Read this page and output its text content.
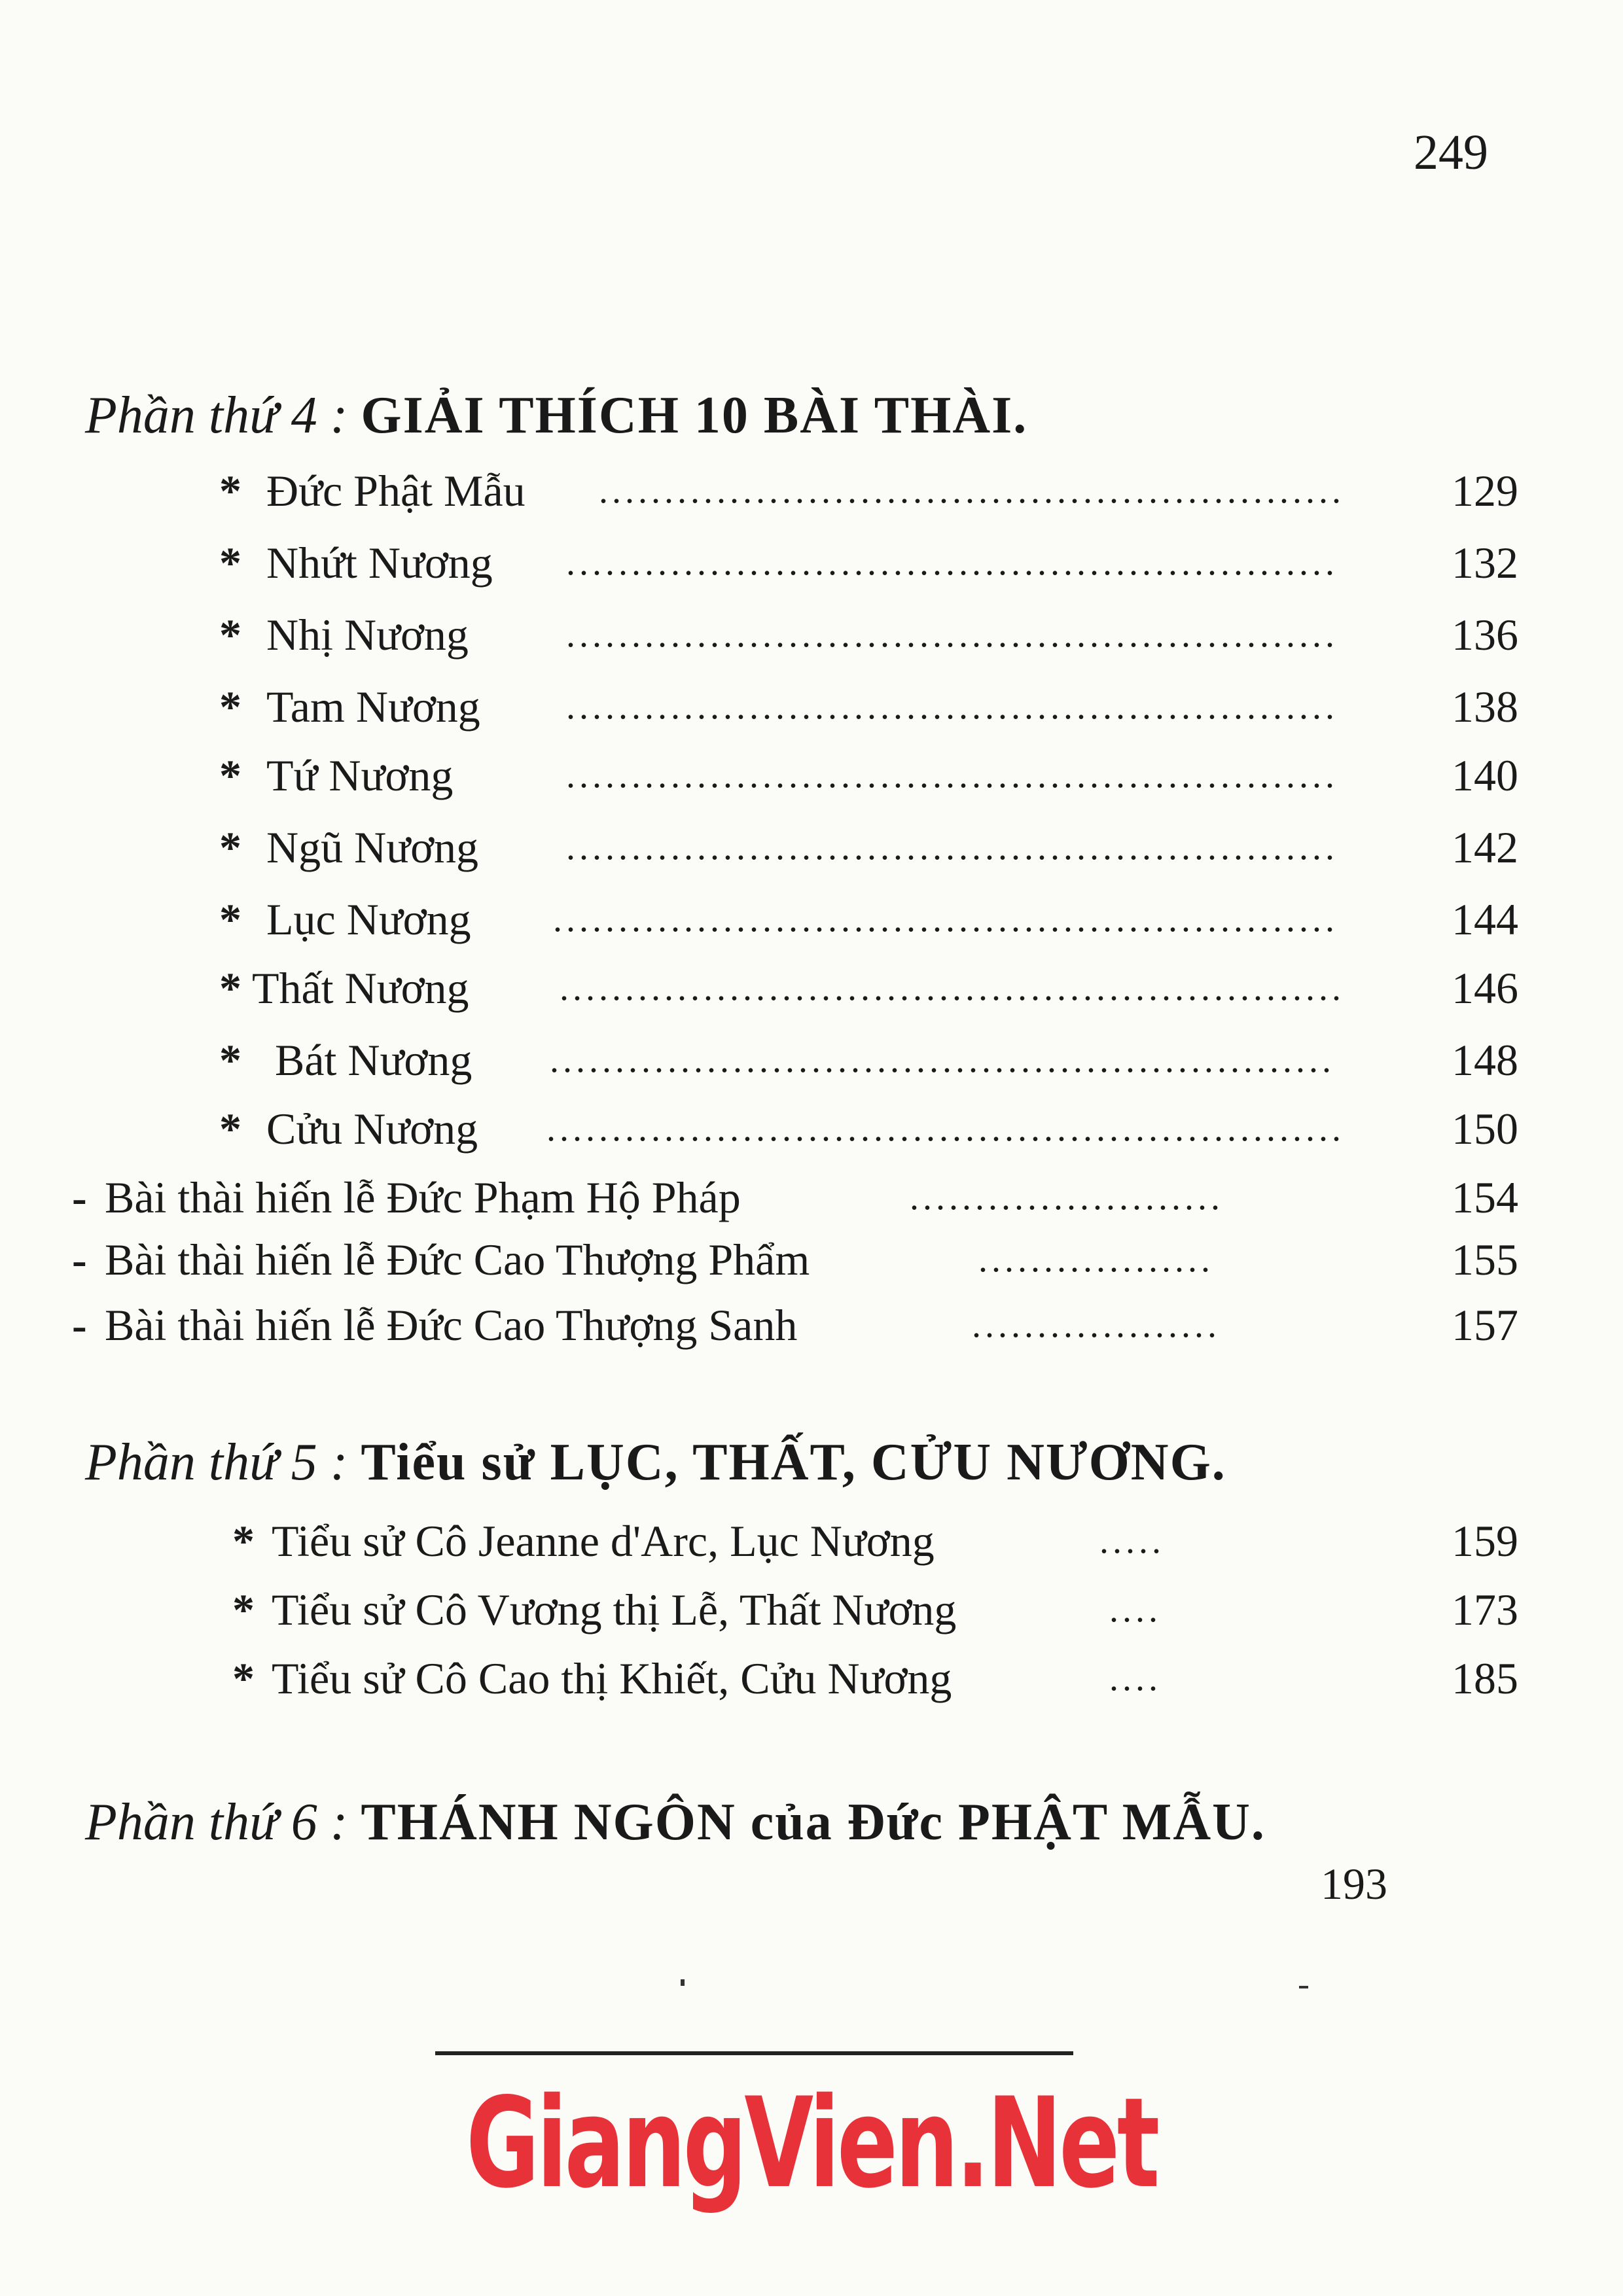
249
Phần thứ 4 : GIẢI THÍCH 10 BÀI THÀI.
* Đức Phật Mẫu .........................................................	129
* Nhứt Nương ...........................................................	132
* Nhị Nương	...........................................................	136
* Tam Nương ...........................................................	138
* Tứ Nương	...........................................................	140
* Ngũ Nương ...........................................................	142
* Lục Nương ............................................................	144
* Thất Nương ............................................................	146
* Bát Nương ............................................................	148
* Cửu Nương .............................................................	150
- Bài thài hiến lễ Đức Phạm Hộ Pháp	........................	154
- Bài thài hiến lễ Đức Cao Thượng Phẩm	..................	155
- Bài thài hiến lễ Đức Cao Thượng Sanh	...................	157
Phần thứ 5 : Tiểu sử LỤC, THẤT, CỬU NƯƠNG.
* Tiểu sử Cô Jeanne d'Arc, Lục Nương	.....	159
* Tiểu sử Cô Vương thị Lễ, Thất Nương	....	173
* Tiểu sử Cô Cao thị Khiết, Cửu Nương	....	185
Phần thứ 6 : THÁNH NGÔN của Đức PHẬT MẪU.
193
GiangVien.Net
